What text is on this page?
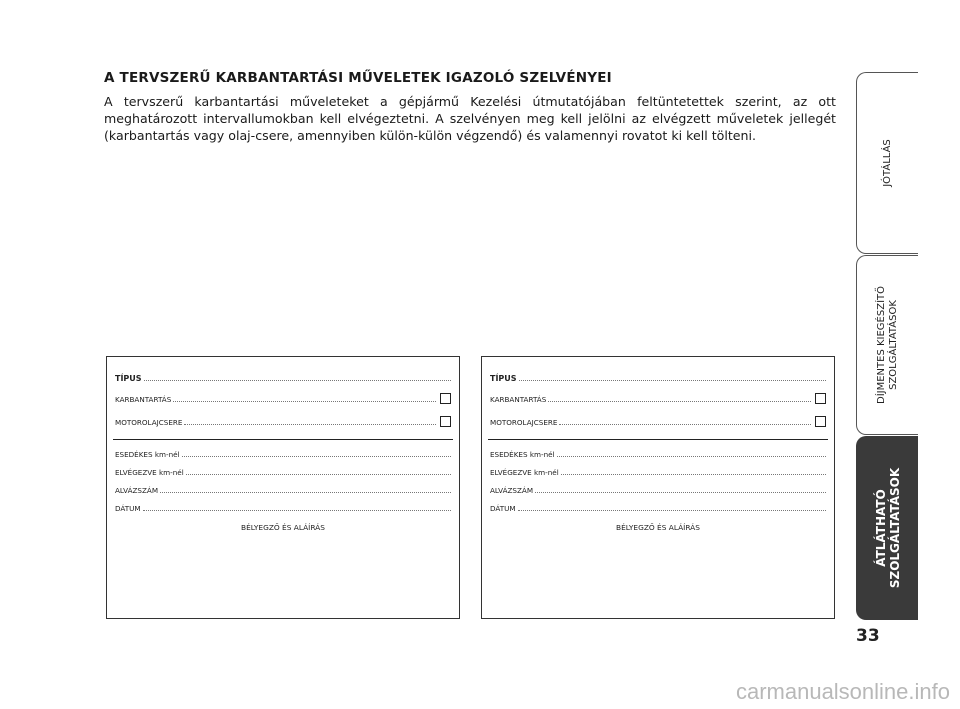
A TERVSZERŰ KARBANTARTÁSI MŰVELETEK IGAZOLÓ SZELVÉNYEI

A tervszerű karbantartási műveleteket a gépjármű Kezelési útmutatójában feltüntetettek szerint, az ott meghatározott intervallumokban kell elvégeztetni. A szelvényen meg kell jelölni az elvégzett műveletek jellegét (karbantartás vagy olaj-csere, amennyiben külön-külön végzendő) és valamennyi rovatot ki kell tölteni.

TÍPUS
KARBANTARTÁS
MOTOROLAJCSERE
ESEDÉKES km-nél
ELVÉGEZVE km-nél
ALVÁZSZÁM
DÁTUM
BÉLYEGZŐ ÉS ALÁÍRÁS
TÍPUS
KARBANTARTÁS
MOTOROLAJCSERE
ESEDÉKES km-nél
ELVÉGEZVE km-nél
ALVÁZSZÁM
DÁTUM
BÉLYEGZŐ ÉS ALÁÍRÁS
JÓTÁLLÁS
DÍJMENTES KIEGÉSZÍTŐ SZOLGÁLTATÁSOK
ÁTLÁTHATÓ SZOLGÁLTATÁSOK
33
carmanualsonline.info
